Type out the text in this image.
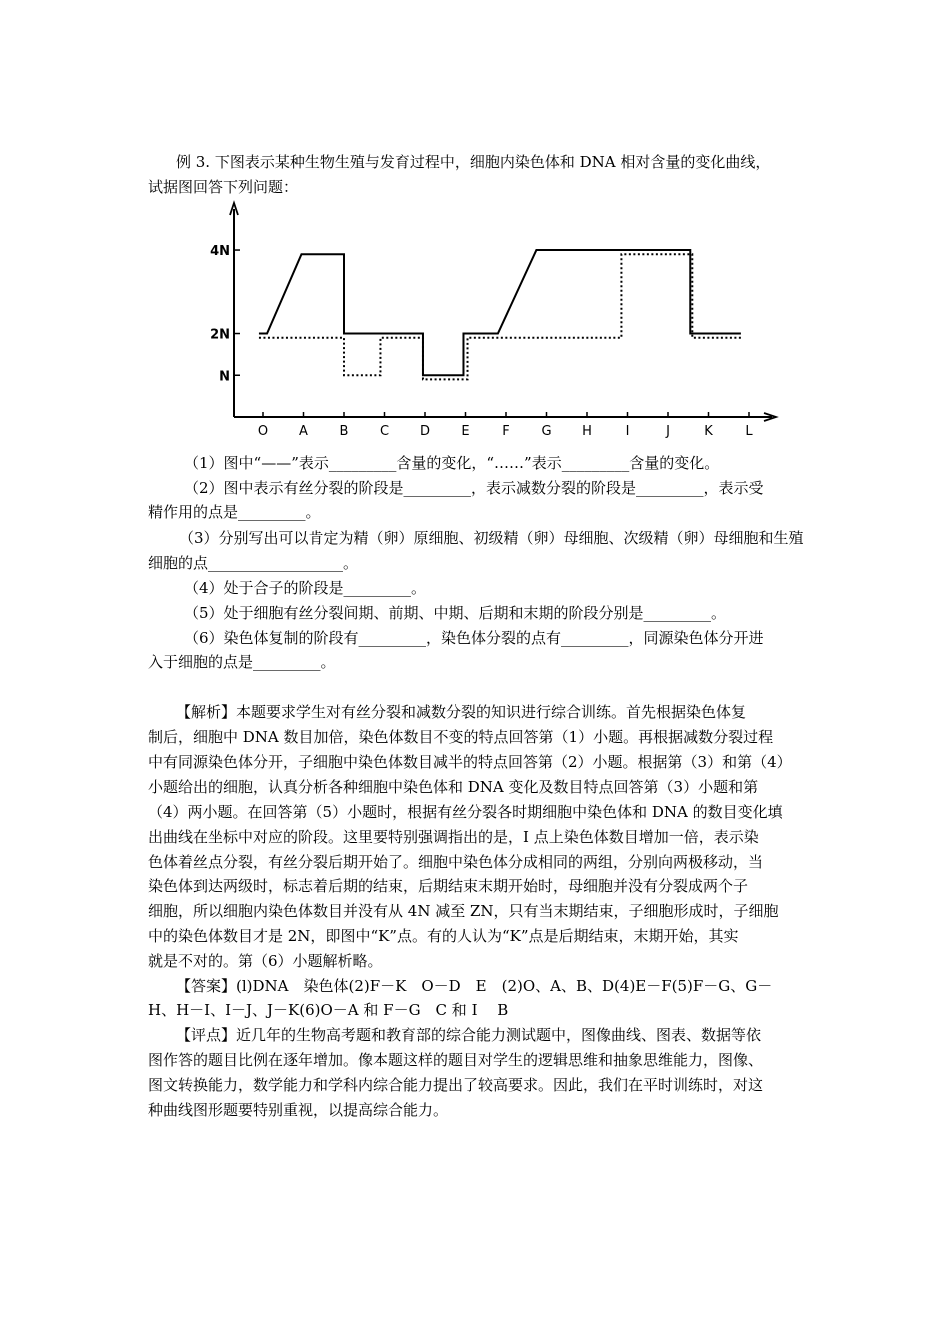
例 3. 下图表示某种生物生殖与发育过程中，细胞内染色体和 DNA 相对含量的变化曲线，
试据图回答下列问题：
4N
2N
N
O A B C D E	F G H	I	J	K	L
（1）图中“——”表示_________含量的变化，“……”表示_________含量的变化。
（2）图中表示有丝分裂的阶段是_________，表示减数分裂的阶段是_________，表示受
精作用的点是_________。
（3）分别写出可以肯定为精（卵）原细胞、初级精（卵）母细胞、次级精（卵）母细胞和生殖
细胞的点__________________。
（4）处于合子的阶段是_________。
（5）处于细胞有丝分裂间期、前期、中期、后期和末期的阶段分别是_________。
（6）染色体复制的阶段有_________，染色体分裂的点有_________，同源染色体分开进
入于细胞的点是_________。
【解析】本题要求学生对有丝分裂和减数分裂的知识进行综合训练。首先根据染色体复
制后，细胞中 DNA 数目加倍，染色体数目不变的特点回答第（1）小题。再根据减数分裂过程
中有同源染色体分开，子细胞中染色体数目减半的特点回答第（2）小题。根据第（3）和第（4）
小题给出的细胞，认真分析各种细胞中染色体和 DNA 变化及数目特点回答第（3）小题和第
（4）两小题。在回答第（5）小题时，根据有丝分裂各时期细胞中染色体和 DNA 的数目变化填
出曲线在坐标中对应的阶段。这里要特别强调指出的是，I 点上染色体数目增加一倍，表示染
色体着丝点分裂，有丝分裂后期开始了。细胞中染色体分成相同的两组，分别向两极移动，当
染色体到达两级时，标志着后期的结束，后期结束末期开始时，母细胞并没有分裂成两个子
细胞，所以细胞内染色体数目并没有从 4N 减至 ZN，只有当末期结束，子细胞形成时，子细胞
中的染色体数目才是 2N，即图中“K”点。有的人认为“K”点是后期结束，末期开始，其实
就是不对的。第（6）小题解析略。
【答案】(l)DNA　染色体(2)F－K　O－D　E　(2)O、A、B、D(4)E－F(5)F－G、G－
H、H－I、I－J、J－K(6)O－A 和 F－G　C 和 I　 B
【评点】近几年的生物高考题和教育部的综合能力测试题中，图像曲线、图表、数据等依
图作答的题目比例在逐年增加。像本题这样的题目对学生的逻辑思维和抽象思维能力，图像、
图文转换能力，数学能力和学科内综合能力提出了较高要求。因此，我们在平时训练时，对这
种曲线图形题要特别重视，以提高综合能力。
